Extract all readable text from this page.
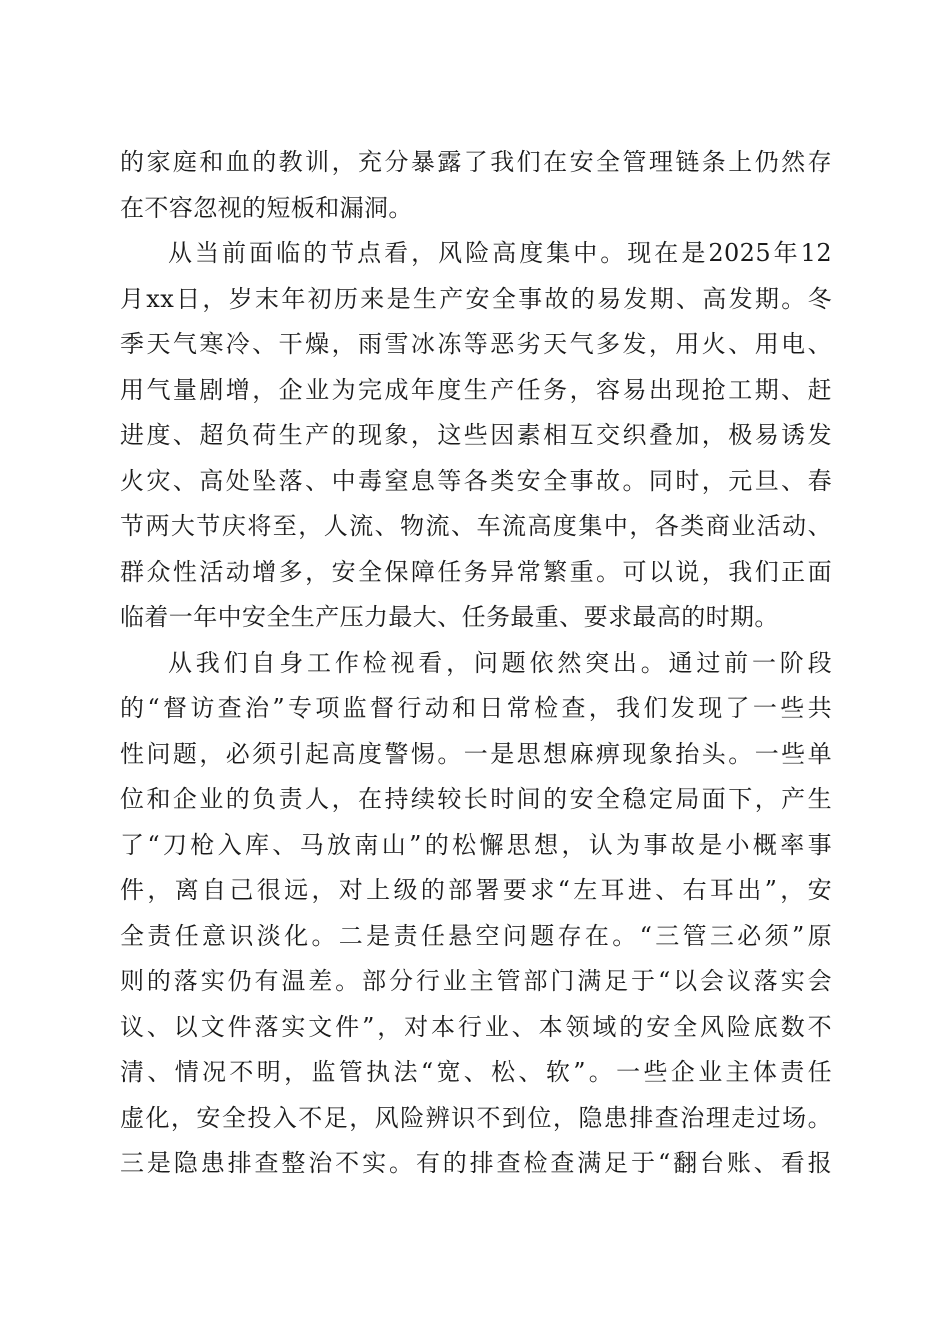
的家庭和血的教训，充分暴露了我们在安全管理链条上仍然存
在不容忽视的短板和漏洞。
从当前面临的节点看，风险高度集中。现在是2025年12
月xx日，岁末年初历来是生产安全事故的易发期、高发期。冬
季天气寒冷、干燥，雨雪冰冻等恶劣天气多发，用火、用电、
用气量剧增，企业为完成年度生产任务，容易出现抢工期、赶
进度、超负荷生产的现象，这些因素相互交织叠加，极易诱发
火灾、高处坠落、中毒窒息等各类安全事故。同时，元旦、春
节两大节庆将至，人流、物流、车流高度集中，各类商业活动、
群众性活动增多，安全保障任务异常繁重。可以说，我们正面
临着一年中安全生产压力最大、任务最重、要求最高的时期。
从我们自身工作检视看，问题依然突出。通过前一阶段
的“督访查治”专项监督行动和日常检查，我们发现了一些共
性问题，必须引起高度警惕。一是思想麻痹现象抬头。一些单
位和企业的负责人，在持续较长时间的安全稳定局面下，产生
了“刀枪入库、马放南山”的松懈思想，认为事故是小概率事
件，离自己很远，对上级的部署要求“左耳进、右耳出”，安
全责任意识淡化。二是责任悬空问题存在。“三管三必须”原
则的落实仍有温差。部分行业主管部门满足于“以会议落实会
议、以文件落实文件”，对本行业、本领域的安全风险底数不
清、情况不明，监管执法“宽、松、软”。一些企业主体责任
虚化，安全投入不足，风险辨识不到位，隐患排查治理走过场。
三是隐患排查整治不实。有的排查检查满足于“翻台账、看报
